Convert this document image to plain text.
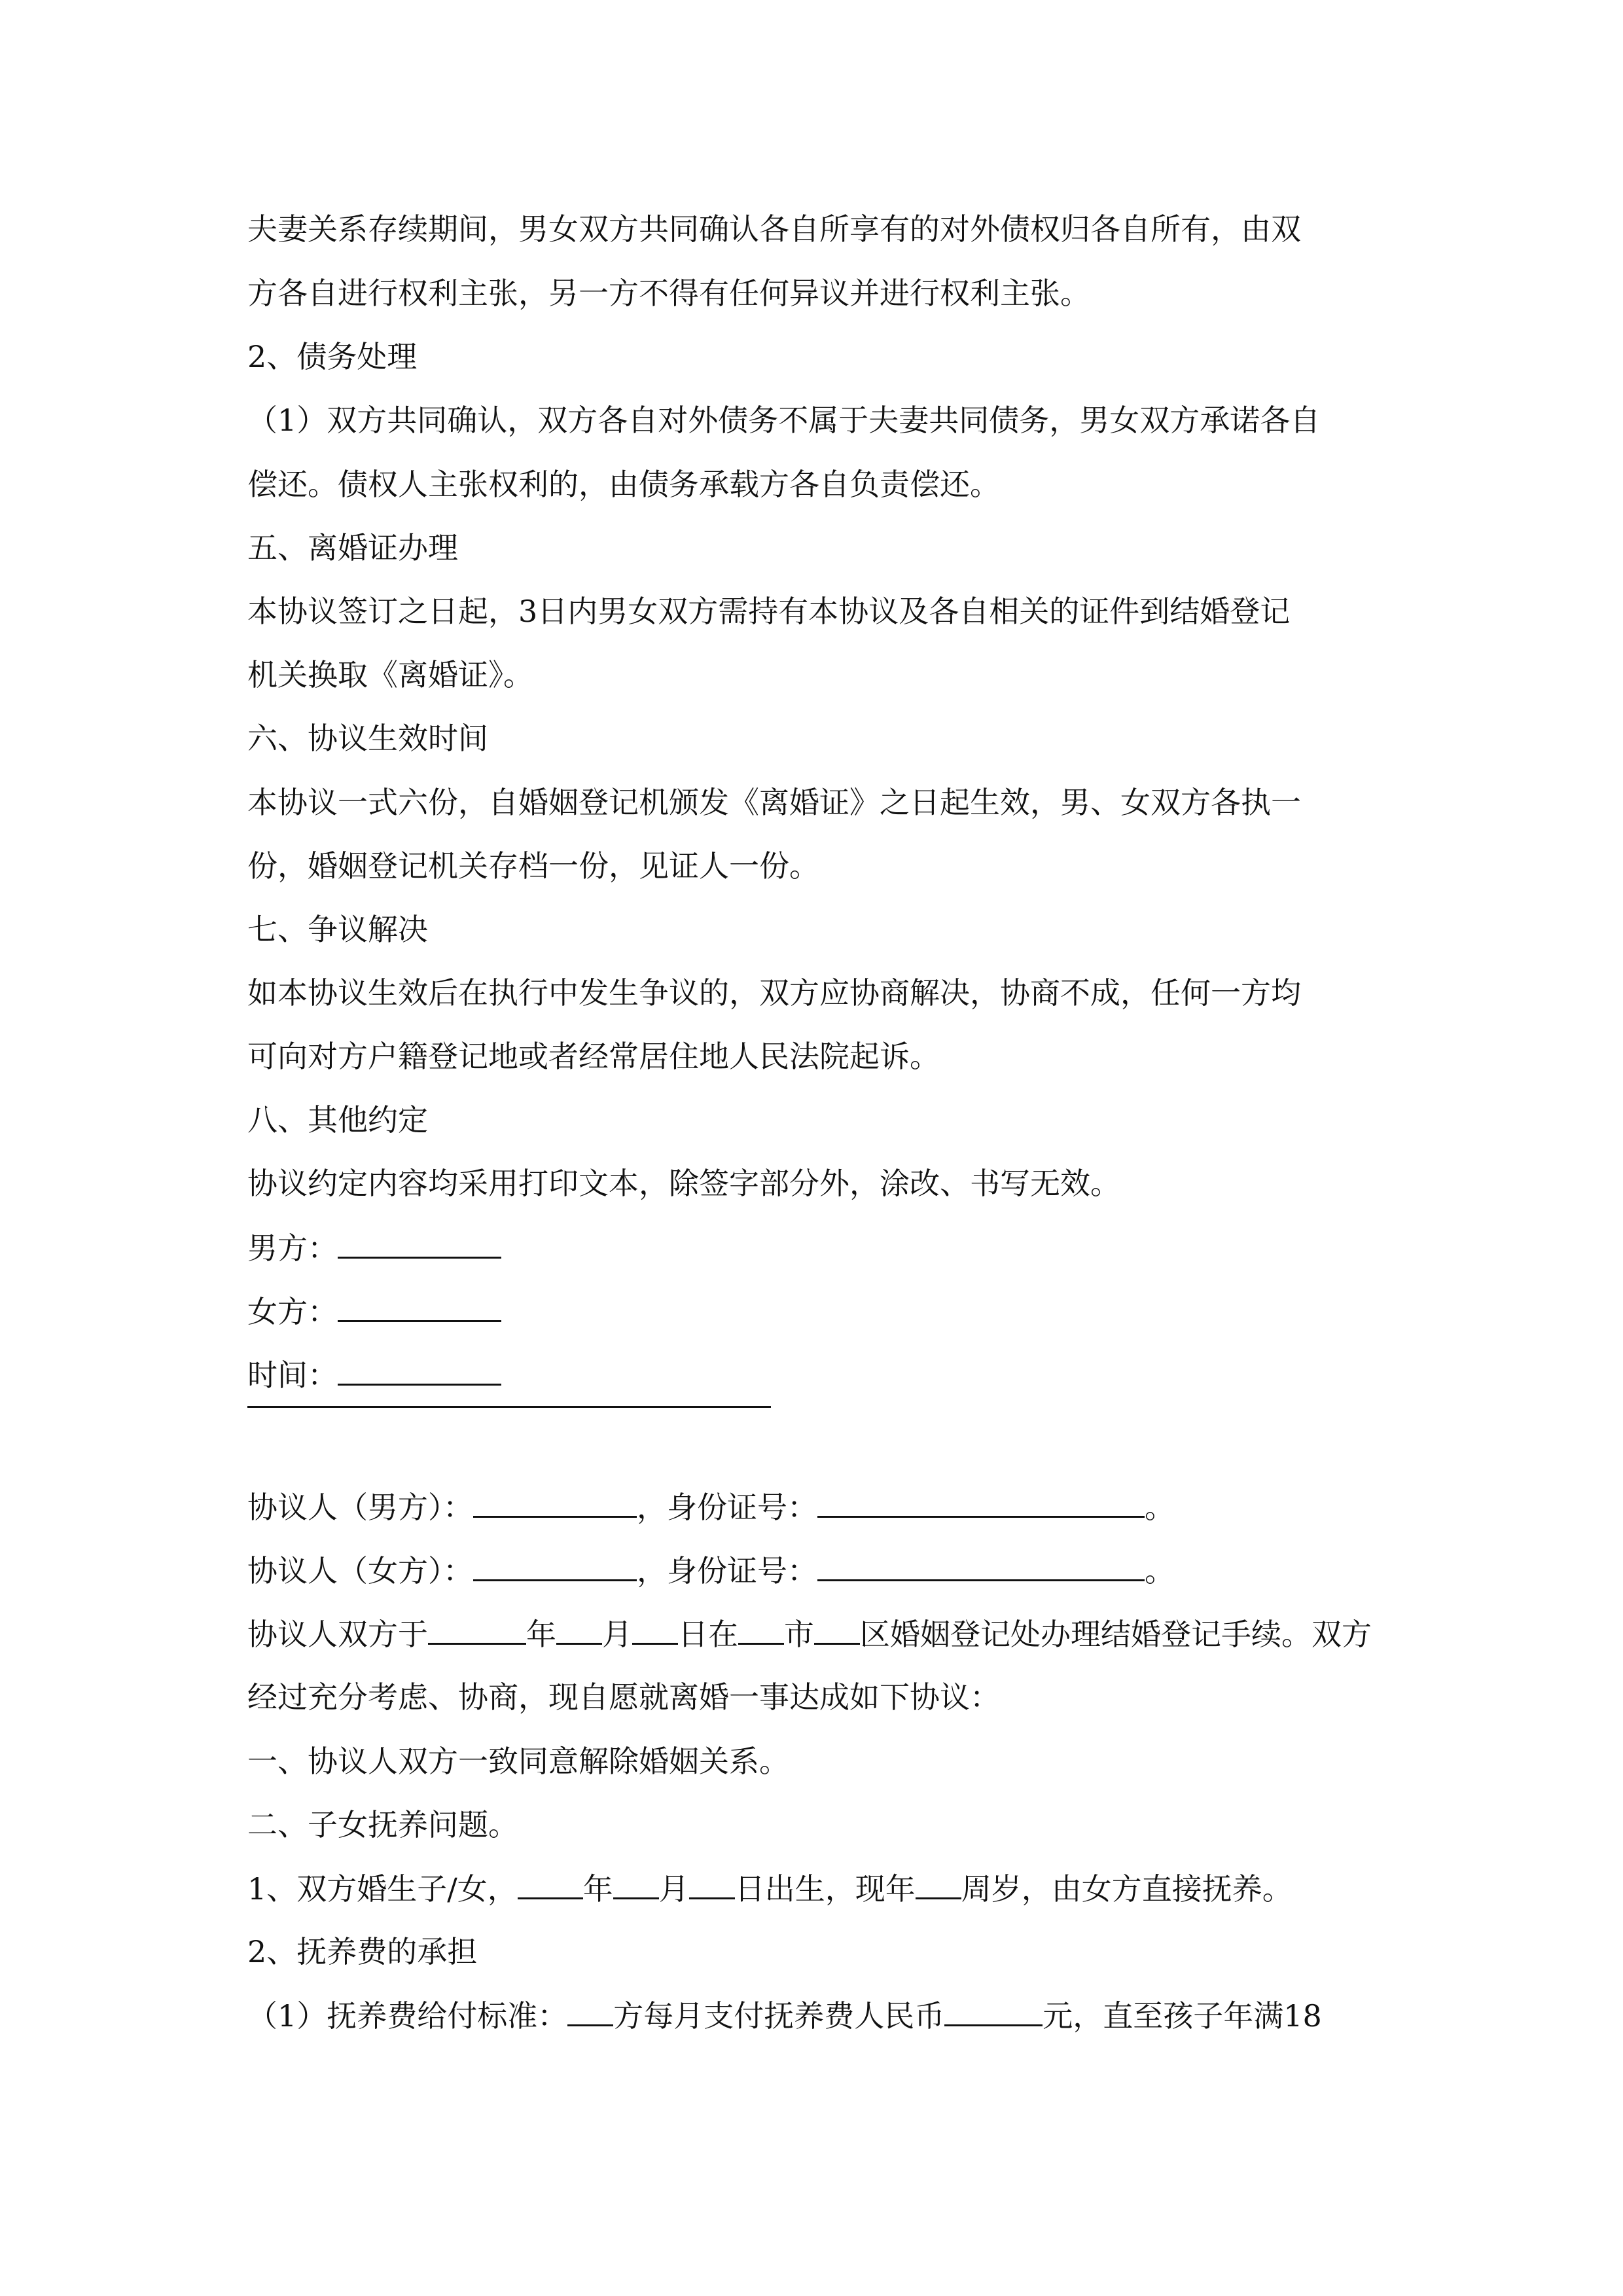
夫妻关系存续期间，男女双方共同确认各自所享有的对外债权归各自所有，由双

方各自进行权利主张，另一方不得有任何异议并进行权利主张。

2、债务处理

（1）双方共同确认，双方各自对外债务不属于夫妻共同债务，男女双方承诺各自

偿还。债权人主张权利的，由债务承载方各自负责偿还。

五、离婚证办理

本协议签订之日起，3日内男女双方需持有本协议及各自相关的证件到结婚登记

机关换取《离婚证》。

六、协议生效时间

本协议一式六份，自婚姻登记机颁发《离婚证》之日起生效，男、女双方各执一

份，婚姻登记机关存档一份，见证人一份。

七、争议解决

如本协议生效后在执行中发生争议的，双方应协商解决，协商不成，任何一方均

可向对方户籍登记地或者经常居住地人民法院起诉。

八、其他约定

协议约定内容均采用打印文本，除签字部分外，涂改、书写无效。

男方：

女方：

时间：

协议人（男方）：	，身份证号：	。

协议人（女方）：	，身份证号：	。

协议人双方于	年 月 日在 市 区婚姻登记处办理结婚登记手续。双方

经过充分考虑、协商，现自愿就离婚一事达成如下协议：

一、协议人双方一致同意解除婚姻关系。

二、子女抚养问题。

1、双方婚生子/女， 年 月 日出生，现年 周岁，由女方直接抚养。

2、抚养费的承担

（1）抚养费给付标准： 方每月支付抚养费人民币	元，直至孩子年满18
